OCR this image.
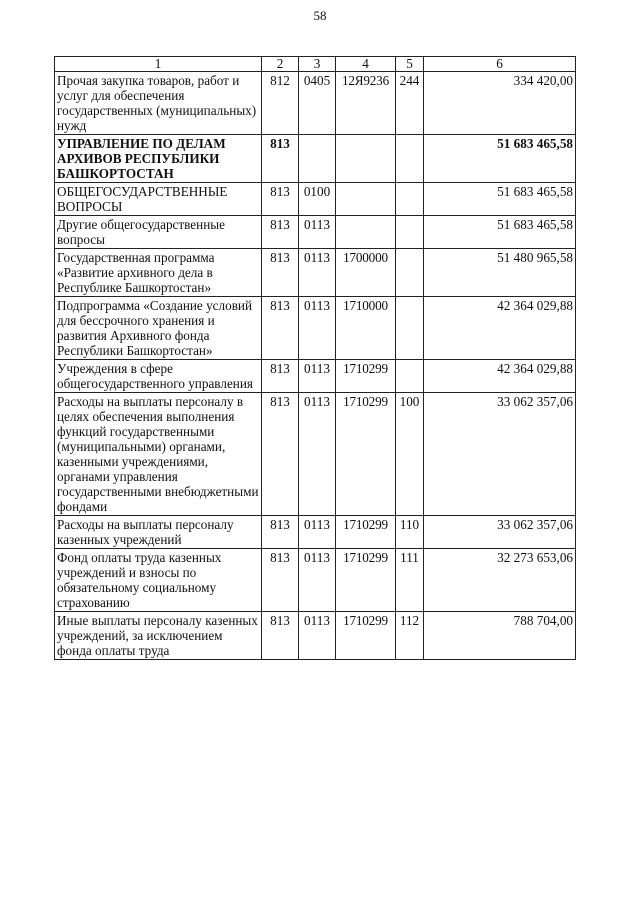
58
1	2	3	4	5	6
Прочая закупка товаров, работ и услуг для обеспечения государственных (муниципальных) нужд	812	0405	12Я9236	244	334 420,00
УПРАВЛЕНИЕ ПО ДЕЛАМ АРХИВОВ РЕСПУБЛИКИ БАШКОРТОСТАН	813				51 683 465,58
ОБЩЕГОСУДАРСТВЕННЫЕ ВОПРОСЫ	813	0100			51 683 465,58
Другие общегосударственные вопросы	813	0113			51 683 465,58
Государственная программа «Развитие архивного дела в Республике Башкортостан»	813	0113	1700000		51 480 965,58
Подпрограмма «Создание условий для бессрочного хранения и развития Архивного фонда Республики Башкортостан»	813	0113	1710000		42 364 029,88
Учреждения в сфере общегосударственного управления	813	0113	1710299		42 364 029,88
Расходы на выплаты персоналу в целях обеспечения выполнения функций государственными (муниципальными) органами, казенными учреждениями, органами управления государственными внебюджетными фондами	813	0113	1710299	100	33 062 357,06
Расходы на выплаты персоналу казенных учреждений	813	0113	1710299	110	33 062 357,06
Фонд оплаты труда казенных учреждений и взносы по обязательному социальному страхованию	813	0113	1710299	111	32 273 653,06
Иные выплаты персоналу казенных учреждений, за исключением фонда оплаты труда	813	0113	1710299	112	788 704,00
